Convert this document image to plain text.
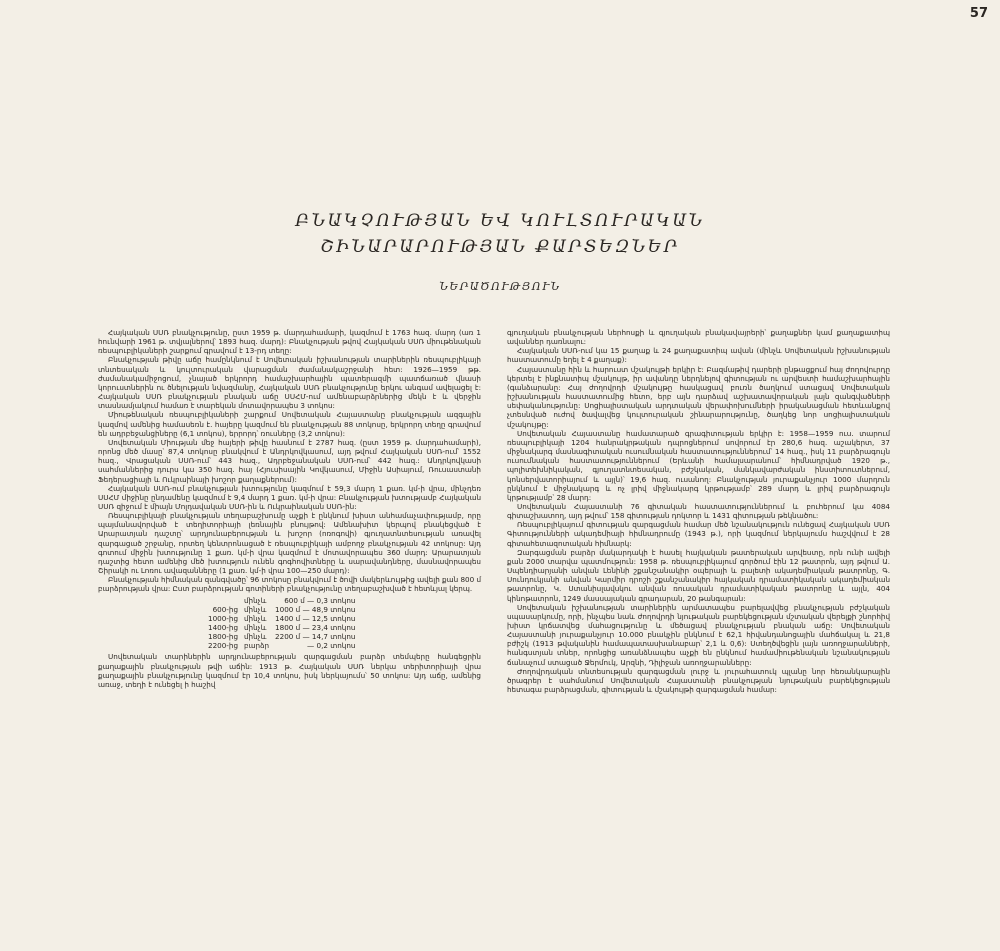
57

ԲՆԱԿՉՈՒԹՅԱՆ ԵՎ ԿՈՒԼՏՈՒՐԱԿԱՆ

ՇԻՆԱՐԱՐՈՒԹՅԱՆ ՔԱՐՏԵԶՆԵՐ

ՆԵՐԱԾՈՒԹՅՈՒՆ

Հայկական ՍՍՌ բնակչությունը, ըստ 1959 թ. մարդահամարի, կազմում է 1763 հազ. մարդ (առ 1 հունվարի 1961 թ. տվյալներով՝ 1893 հազ. մարդ): Բնակչության թվով Հայկական ՍՍՌ միութենական ռեսպուբլիկաների շարքում գրավում է 13-րդ տեղը:

Բնակչության թիվը աճը համընկնում է Սովետական իշխանության տարիներին ռեսպուբլիկայի տնտեսական և կուլտուրական վարացման ժամանակաշրջանի հետ: 1926—1959 թթ. ժամանակամիջոցում, չնայած երկրորդ համաշխարհային պատերազմի պատճառած վնասի կորուստներին ու ծնելության նվազմանը, Հայկական ՍՍՌ բնակչությունը երկու անգամ ավելացել է: Հայկական ՍՍՌ բնակչության բնական աճը ՍՍՀՄ-ում ամենաբարձրներից մեկն է և վերջին տասնամյակում համառ է տարեկան մոտավորապես 3 տոկոս:

Միութենական ռեսպուբլիկաների շարքում Սովետական Հայաստանը բնակչության ազգային կազմով ամենից համասեռն է. հայերը կազմում են բնակչության 88 տոկոսը, երկրորդ տեղը գրավում են ադրբեջանցիները (6,1 տոկոս), երրորդ՝ ռուսները (3,2 տոկոս):

Սովետական Միության մեջ հայերի թիվը հասնում է 2787 հազ. (ըստ 1959 թ. մարդահամարի), որոնց մեծ մասը՝ 87,4 տոկոսը բնակվում է Անդրկովկասում, այդ թվում Հայկական ՍՍՌ-ում՝ 1552 հազ., Վրացական ՍՍՌ-ում՝ 443 հազ., Ադրբեջանական ՍՍՌ-ում՝ 442 հազ.: Անդրկովկասի սահմաններից դուրս կա 350 հազ. հայ (Հյուսիսային Կովկասում, Միջին Ասիայում, Ռուսաստանի Ֆեդերացիայի և Ուկրաինայի խոշոր քաղաքներում):

Հայկական ՍՍՌ-ում բնակչության խտությունը կազմում է 59,3 մարդ 1 քառ. կմ-ի վրա, մինչդեռ ՍՍՀՄ միջինը ընդամենը կազմում է 9,4 մարդ 1 քառ. կմ-ի վրա: Բնակչության խտությամբ Հայկական ՍՍՌ զիջում է միայն Մոլդավական ՍՍՌ-ին և Ուկրաինական ՍՍՌ-ին:

Ռեսպուբլիկայի բնակչության տեղաբաշխումը աչքի է ընկնում խիստ անհամաչափությամբ, որը պայմանավորված է տեղիտորիայի լեռնային բնույթով: Ամենախիտ կերպով բնակեցված է Արարատյան դաշտը՝ արդյունաբերության և խոշոր (ոռոգովի) գյուղատնտեսության առավել զարգացած շրջանը, որտեղ կենտրոնացած է ռեսպուբլիկայի ամբողջ բնակչության 42 տոկոսը: Այդ գոտում միջին խտությունը 1 քառ. կմ-ի վրա կազմում է մոտավորապես 360 մարդ: Արարատյան դաշտից հետո ամենից մեծ խտություն ունեն գոգհովիտները և սարավանդները, մասնավորապես Շիրակի ու Լոռու ավազանները (1 քառ. կմ-ի վրա 100—250 մարդ):

Բնակչության հիմնական զանգվածը՝ 96 տոկոսը բնակվում է ծովի մակերևույթից ավելի քան 800 մ բարձրության վրա: Ըստ բարձրության գոտիների բնակչությունը տեղաբաշխված է հետևյալ կերպ.

	մինչև	600 մ — 0,3 տոկոս
600-ից	մինչև	1000 մ — 48,9 տոկոս
1000-ից	մինչև	1400 մ — 12,5 տոկոս
1400-ից	մինչև	1800 մ — 23,4 տոկոս
1800-ից	մինչև	2200 մ — 14,7 տոկոս
2200-ից	բարձր	— 0,2 տոկոս

Սովետական տարիներին արդյունաբերության զարգացման բարձր տեմպերը հանգեցրին քաղաքային բնակչության թվի աճին: 1913 թ. Հայկական ՍՍՌ ներկա տերիտորիայի վրա քաղաքային բնակչությունը կազմում էր 10,4 տոկոս, իսկ ներկայումս՝ 50 տոկոս: Այդ աճը, ամենից առաջ, տեղի է ունեցել ի հաշիվ

գյուղական բնակչության ներհոսքի և գյուղական բնակավայրերի՝ քաղաքներ կամ քաղաքատիպ ավաններ դառնալու:

Հայկական ՍՍՌ-ում կա 15 քաղաք և 24 քաղաքատիպ ավան (մինչև Սովետական իշխանության հաստատումը եղել է 4 քաղաք):

Հայաստանը հին և հարուստ մշակույթի երկիր է: Բազմաթիվ դարերի ընթացքում հայ ժողովուրդը կերտել է ինքնատիպ մշակույթ, իր ավանդը ներդնելով գիտության ու արվեստի համաշխարհային (գանձարանը: Հայ ժողովրդի մշակույթը հասկացավ բուռն ծաղկում ստացավ Սովետական իշխանության հաստատումից հետո, երբ այն դարձավ աշխատավորական լայն զանգվածների սեփականությունը: Սոցիալիստական արդտական վերափոխումների իրականացման հետևանքով չտեսնված ուժով ծավալվեց կուլտուրական շինարարությունը, ծաղկեց նոր սոցիալիստական մշակույթը:

Սովետական Հայաստանը համատարած գրագիտության երկիր է: 1958—1959 ուս. տարում ռեսպուբլիկայի 1204 հանրակրթական դպրոցներում սովորում էր 280,6 հազ. աշակերտ, 37 միջնակարգ մասնագիտական ուսումնական հաստատություններում՝ 14 հազ., իսկ 11 բարձրագույն ուսումնական հաստատություններում (Երևանի համալսարանում՝ հիմնադրված 1920 թ., պոլիտեխնիկական, գյուղատնտեսական, բժշկական, մանկավարժական ինստիտուտներում, կոնսերվատորիայում և այլն)՝ 19,6 հազ. ուսանող: Բնակչության յուրաքանչյուր 1000 մարդուն ընկնում է միջնակարգ և ոչ լրիվ միջնակարգ կրթությամբ՝ 289 մարդ և լրիվ բարձրագույն կրթությամբ՝ 28 մարդ:

Սովետական Հայաստանի 76 գիտական հաստատություններում և բուհերում կա 4084 գիտաշխատող, այդ թվում՝ 158 գիտության դոկտոր և 1431 գիտության թեկնածու:

Ռեսպուբլիկայում գիտության զարգացման համար մեծ նշանակություն ունեցավ Հայկական ՍՍՌ Գիտությունների ակադեմիայի հիմնադրումը (1943 թ.), որի կազմում ներկայումս հաշվվում է 28 գիտահետազոտական հիմնարկ:

Զարգացման բարձր մակարդակի է հասել հայկական թատերական արվեստը, որն ունի ավելի քան 2000 տարվա պատմություն: 1958 թ. ռեսպուբլիկայում գործում էին 12 թատրոն, այդ թվում Ա. Սպենդիարյանի անվան Լենինի շքանշանակիր օպերայի և բալետի ակադեմիական թատրոնը, Գ. Սունդուկյանի անվան Կարմիր դրոշի շքանշանակիր հայկական դրամատիկական ակադեմիական թատրոնը, Կ. Ստանիսլավսկու անվան ռուսական դրամատիկական թատրոնը և այլն, 404 կինոթատրոն, 1249 մասսայական գրադարան, 20 թանգարան:

Սովետական իշխանության տարիներին արմատապես բարելավվեց բնակչության բժշկական սպասարկումը, որի, ինչպես նաև ժողովրդի նյութական բարեկեցության մշտական վերելքի շնորհիվ խիստ կրճատվեց մահացությունը և մեծացավ բնակչության բնական աճը: Սովետական Հայաստանի յուրաքանչյուր 10.000 բնակչին ընկնում է 62,1 հիվանդանոցային մահճակալ և 21,8 բժիշկ (1913 թվականին համապատասխանաբար՝ 2,1 և 0,6): Ստեղծվեցին լայն առողջարանների, հանգստյան տներ, որոնցից առանձնապես աչքի են ընկնում համամիութենական նշանակության ճանաչում ստացած Ջերմուկ, Արզնի, Դիլիջան առողջարանները:

Ժողովրդական տնտեսության զարգացման լուրջ և յուրահատուկ պլանը նոր հեռանկարային ծրագրեր է սահմանում Սովետական Հայաստանի բնակչության նյութական բարեկեցության հետագա բարձրացման, գիտության և մշակույթի զարգացման համար:
